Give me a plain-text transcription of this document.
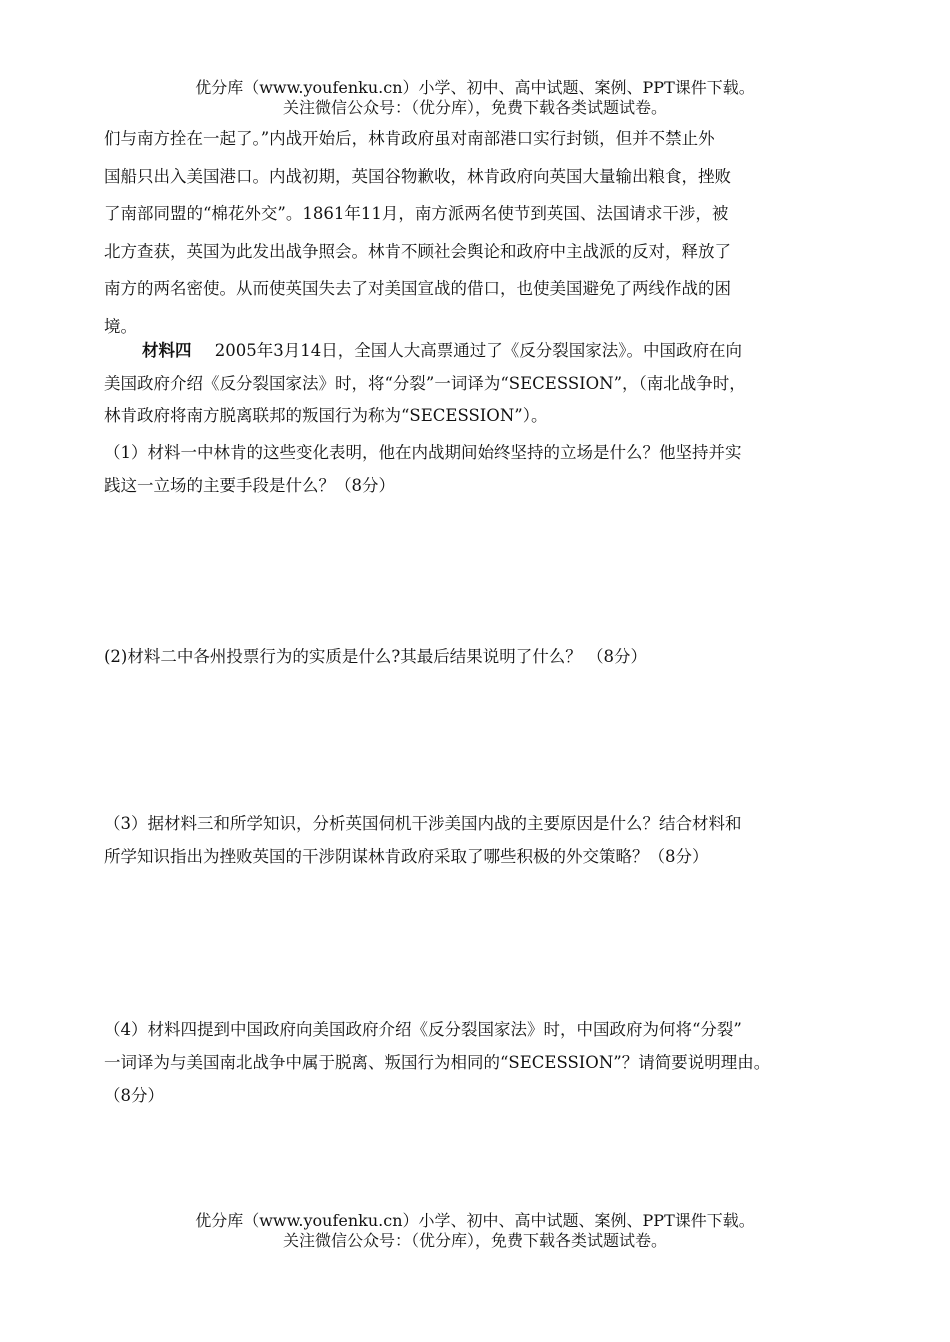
优分库（www.youfenku.cn）小学、初中、高中试题、案例、PPT课件下载。
关注微信公众号：（优分库），免费下载各类试题试卷。
们与南方拴在一起了。”内战开始后，林肯政府虽对南部港口实行封锁，但并不禁止外
国船只出入美国港口。内战初期，英国谷物歉收，林肯政府向英国大量输出粮食，挫败
了南部同盟的“棉花外交”。1861年11月，南方派两名使节到英国、法国请求干涉，被
北方查获，英国为此发出战争照会。林肯不顾社会舆论和政府中主战派的反对，释放了
南方的两名密使。从而使英国失去了对美国宣战的借口，也使美国避免了两线作战的困
境。
材料四 2005年3月14日，全国人大高票通过了《反分裂国家法》。中国政府在向
美国政府介绍《反分裂国家法》时，将“分裂”一词译为“SECESSION”，（南北战争时，
林肯政府将南方脱离联邦的叛国行为称为“SECESSION”）。
（1）材料一中林肯的这些变化表明，他在内战期间始终坚持的立场是什么？他坚持并实
践这一立场的主要手段是什么？（8分）
(2)材料二中各州投票行为的实质是什么?其最后结果说明了什么？ （8分）
（3）据材料三和所学知识，分析英国伺机干涉美国内战的主要原因是什么？结合材料和
所学知识指出为挫败英国的干涉阴谋林肯政府采取了哪些积极的外交策略？（8分）
（4）材料四提到中国政府向美国政府介绍《反分裂国家法》时，中国政府为何将“分裂”
一词译为与美国南北战争中属于脱离、叛国行为相同的“SECESSION”？请简要说明理由。
（8分）
优分库（www.youfenku.cn）小学、初中、高中试题、案例、PPT课件下载。
关注微信公众号：（优分库），免费下载各类试题试卷。
